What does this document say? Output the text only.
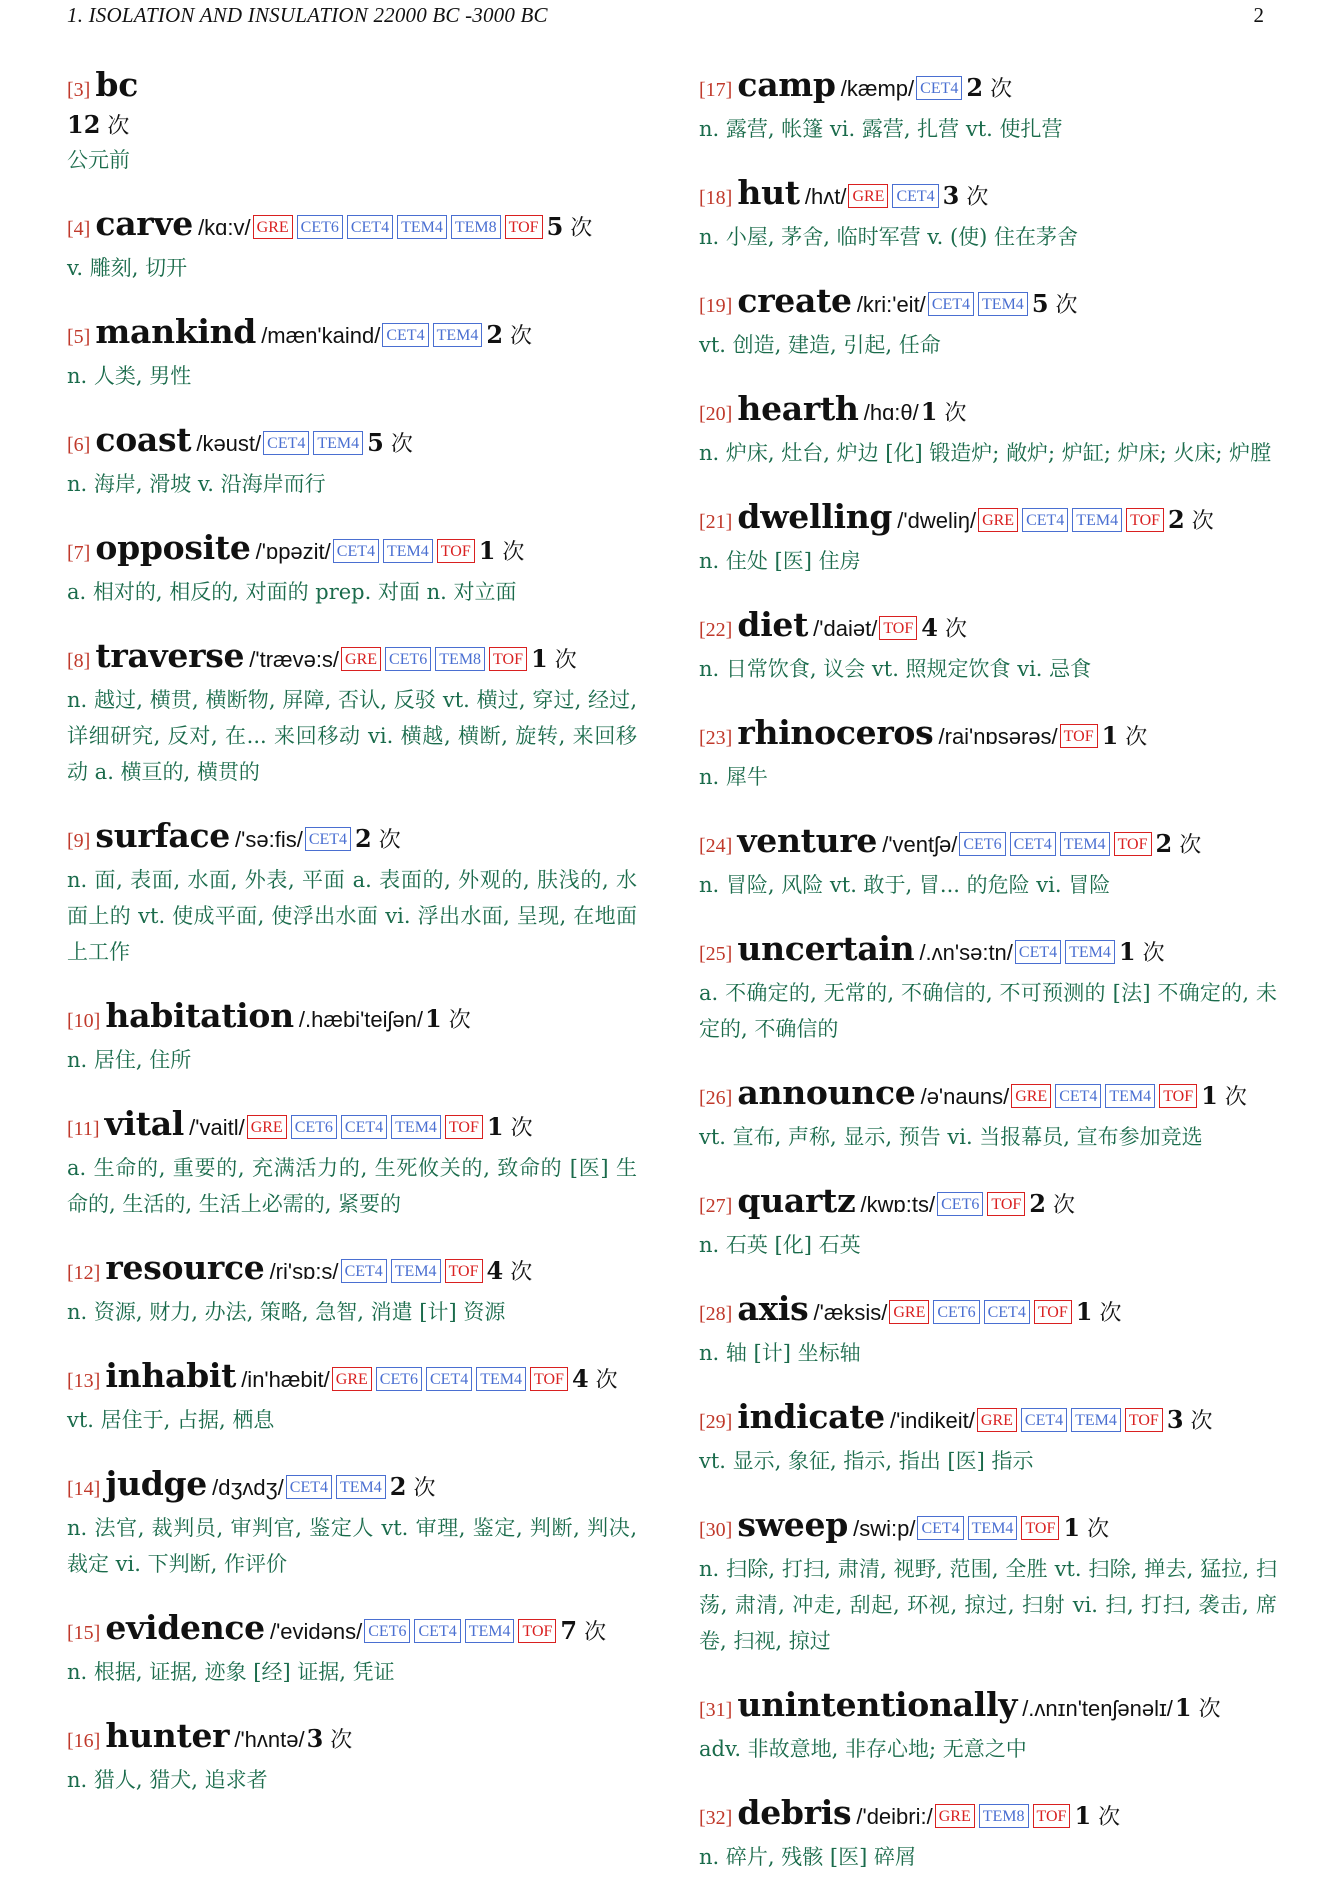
1. ISOLATION AND INSULATION 22000 BC -3000 BC	2
[3] bc
12 次
公元前
[4] carve /kɑ:v/ GRE CET6 CET4 TEM4 TEM8 TOF 5 次
v. 雕刻, 切开
[5] mankind /mæn'kaind/ CET4 TEM4 2 次
n. 人类, 男性
[6] coast /kəust/ CET4 TEM4 5 次
n. 海岸, 滑坡 v. 沿海岸而行
[7] opposite /'ɒpəzit/ CET4 TEM4 TOF 1 次
a. 相对的, 相反的, 对面的 prep. 对面 n. 对立面
[8] traverse /'trævə:s/ GRE CET6 TEM8 TOF 1 次
n. 越过, 横贯, 横断物, 屏障, 否认, 反驳 vt. 横过, 穿过, 经过, 详细研究, 反对, 在... 来回移动 vi. 横越, 横断, 旋转, 来回移动 a. 横亘的, 横贯的
[9] surface /'sə:fis/ CET4 2 次
n. 面, 表面, 水面, 外表, 平面 a. 表面的, 外观的, 肤浅的, 水面上的 vt. 使成平面, 使浮出水面 vi. 浮出水面, 呈现, 在地面上工作
[10] habitation /.hæbi'teiʃən/1 次
n. 居住, 住所
[11] vital /'vaitl/ GRE CET6 CET4 TEM4 TOF 1 次
a. 生命的, 重要的, 充满活力的, 生死攸关的, 致命的 [医] 生命的, 生活的, 生活上必需的, 紧要的
[12] resource /ri'sɒ:s/ CET4 TEM4 TOF 4 次
n. 资源, 财力, 办法, 策略, 急智, 消遣 [计] 资源
[13] inhabit /in'hæbit/ GRE CET6 CET4 TEM4 TOF 4 次
vt. 居住于, 占据, 栖息
[14] judge /dʒʌdʒ/ CET4 TEM4 2 次
n. 法官, 裁判员, 审判官, 鉴定人 vt. 审理, 鉴定, 判断, 判决, 裁定 vi. 下判断, 作评价
[15] evidence /'evidəns/ CET6 CET4 TEM4 TOF 7 次
n. 根据, 证据, 迹象 [经] 证据, 凭证
[16] hunter /'hʌntə/3 次
n. 猎人, 猎犬, 追求者
[17] camp /kæmp/ CET4 2 次
n. 露营, 帐篷 vi. 露营, 扎营 vt. 使扎营
[18] hut /hʌt/ GRE CET4 3 次
n. 小屋, 茅舍, 临时军营 v. (使) 住在茅舍
[19] create /kri:'eit/ CET4 TEM4 5 次
vt. 创造, 建造, 引起, 任命
[20] hearth /hɑ:θ/1 次
n. 炉床, 灶台, 炉边 [化] 锻造炉; 敞炉; 炉缸; 炉床; 火床; 炉膛
[21] dwelling /'dweliŋ/ GRE CET4 TEM4 TOF 2 次
n. 住处 [医] 住房
[22] diet /'daiət/ TOF 4 次
n. 日常饮食, 议会 vt. 照规定饮食 vi. 忌食
[23] rhinoceros /rai'nɒsərəs/ TOF 1 次
n. 犀牛
[24] venture /'ventʃə/ CET6 CET4 TEM4 TOF 2 次
n. 冒险, 风险 vt. 敢于, 冒... 的危险 vi. 冒险
[25] uncertain /.ʌn'sə:tn/ CET4 TEM4 1 次
a. 不确定的, 无常的, 不确信的, 不可预测的 [法] 不确定的, 未定的, 不确信的
[26] announce /ə'nauns/ GRE CET4 TEM4 TOF 1 次
vt. 宣布, 声称, 显示, 预告 vi. 当报幕员, 宣布参加竞选
[27] quartz /kwɒ:ts/ CET6 TOF 2 次
n. 石英 [化] 石英
[28] axis /'æksis/ GRE CET6 CET4 TOF 1 次
n. 轴 [计] 坐标轴
[29] indicate /'indikeit/ GRE CET4 TEM4 TOF 3 次
vt. 显示, 象征, 指示, 指出 [医] 指示
[30] sweep /swi:p/ CET4 TEM4 TOF 1 次
n. 扫除, 打扫, 肃清, 视野, 范围, 全胜 vt. 扫除, 掸去, 猛拉, 扫荡, 肃清, 冲走, 刮起, 环视, 掠过, 扫射 vi. 扫, 打扫, 袭击, 席卷, 扫视, 掠过
[31] unintentionally /.ʌnɪn'tenʃənəlɪ/1 次
adv. 非故意地, 非存心地; 无意之中
[32] debris /'deibri:/ GRE TEM8 TOF 1 次
n. 碎片, 残骸 [医] 碎屑
